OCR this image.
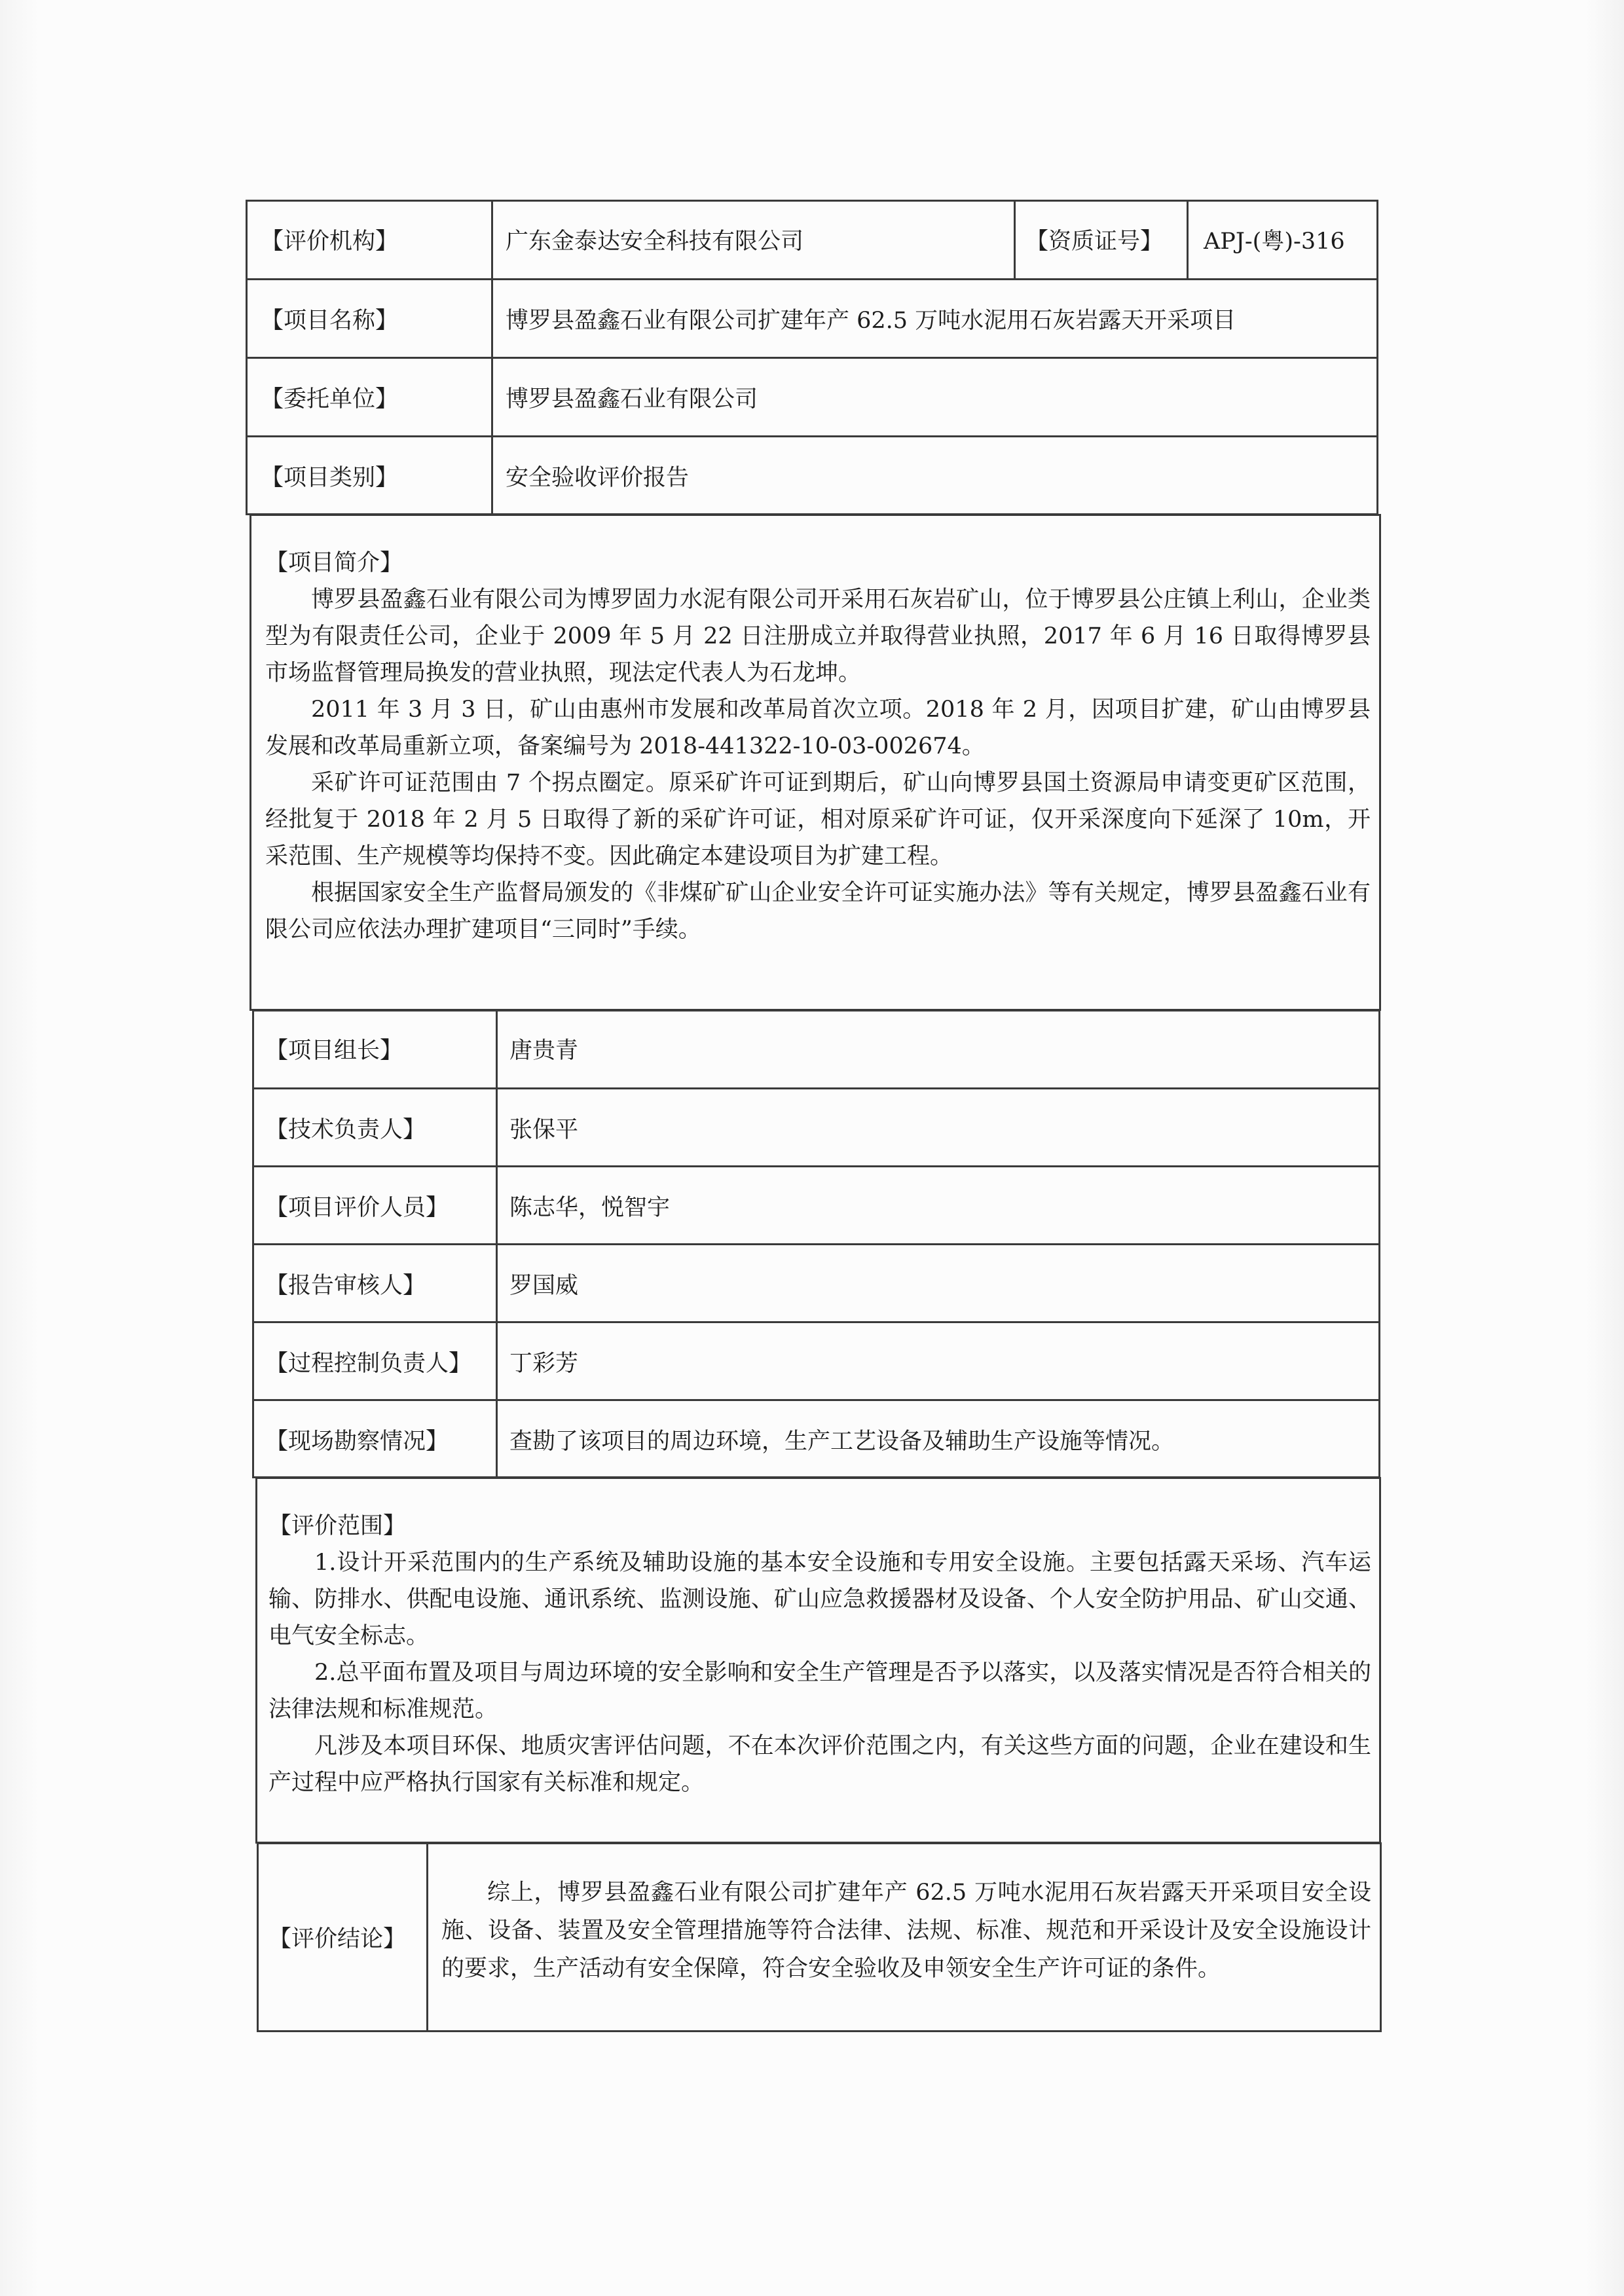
【评价机构】	广东金泰达安全科技有限公司	【资质证号】	APJ-(粤)-316
【项目名称】	博罗县盈鑫石业有限公司扩建年产 62.5 万吨水泥用石灰岩露天开采项目
【委托单位】	博罗县盈鑫石业有限公司
【项目类别】	安全验收评价报告

【项目简介】

博罗县盈鑫石业有限公司为博罗固力水泥有限公司开采用石灰岩矿山，位于博罗县公庄镇上利山，企业类型为有限责任公司，企业于 2009 年 5 月 22 日注册成立并取得营业执照，2017 年 6 月 16 日取得博罗县市场监督管理局换发的营业执照，现法定代表人为石龙坤。

2011 年 3 月 3 日，矿山由惠州市发展和改革局首次立项。2018 年 2 月，因项目扩建，矿山由博罗县发展和改革局重新立项，备案编号为 2018-441322-10-03-002674。

采矿许可证范围由 7 个拐点圈定。原采矿许可证到期后，矿山向博罗县国土资源局申请变更矿区范围，经批复于 2018 年 2 月 5 日取得了新的采矿许可证，相对原采矿许可证，仅开采深度向下延深了 10m，开采范围、生产规模等均保持不变。因此确定本建设项目为扩建工程。

根据国家安全生产监督局颁发的《非煤矿矿山企业安全许可证实施办法》等有关规定，博罗县盈鑫石业有限公司应依法办理扩建项目“三同时”手续。

【项目组长】	唐贵青
【技术负责人】	张保平
【项目评价人员】	陈志华，悦智宇
【报告审核人】	罗国威
【过程控制负责人】	丁彩芳
【现场勘察情况】	查勘了该项目的周边环境，生产工艺设备及辅助生产设施等情况。

【评价范围】

1.设计开采范围内的生产系统及辅助设施的基本安全设施和专用安全设施。主要包括露天采场、汽车运输、防排水、供配电设施、通讯系统、监测设施、矿山应急救援器材及设备、个人安全防护用品、矿山交通、电气安全标志。

2.总平面布置及项目与周边环境的安全影响和安全生产管理是否予以落实，以及落实情况是否符合相关的法律法规和标准规范。

凡涉及本项目环保、地质灾害评估问题，不在本次评价范围之内，有关这些方面的问题，企业在建设和生产过程中应严格执行国家有关标准和规定。

【评价结论】

综上，博罗县盈鑫石业有限公司扩建年产 62.5 万吨水泥用石灰岩露天开采项目安全设施、设备、装置及安全管理措施等符合法律、法规、标准、规范和开采设计及安全设施设计的要求，生产活动有安全保障，符合安全验收及申领安全生产许可证的条件。
